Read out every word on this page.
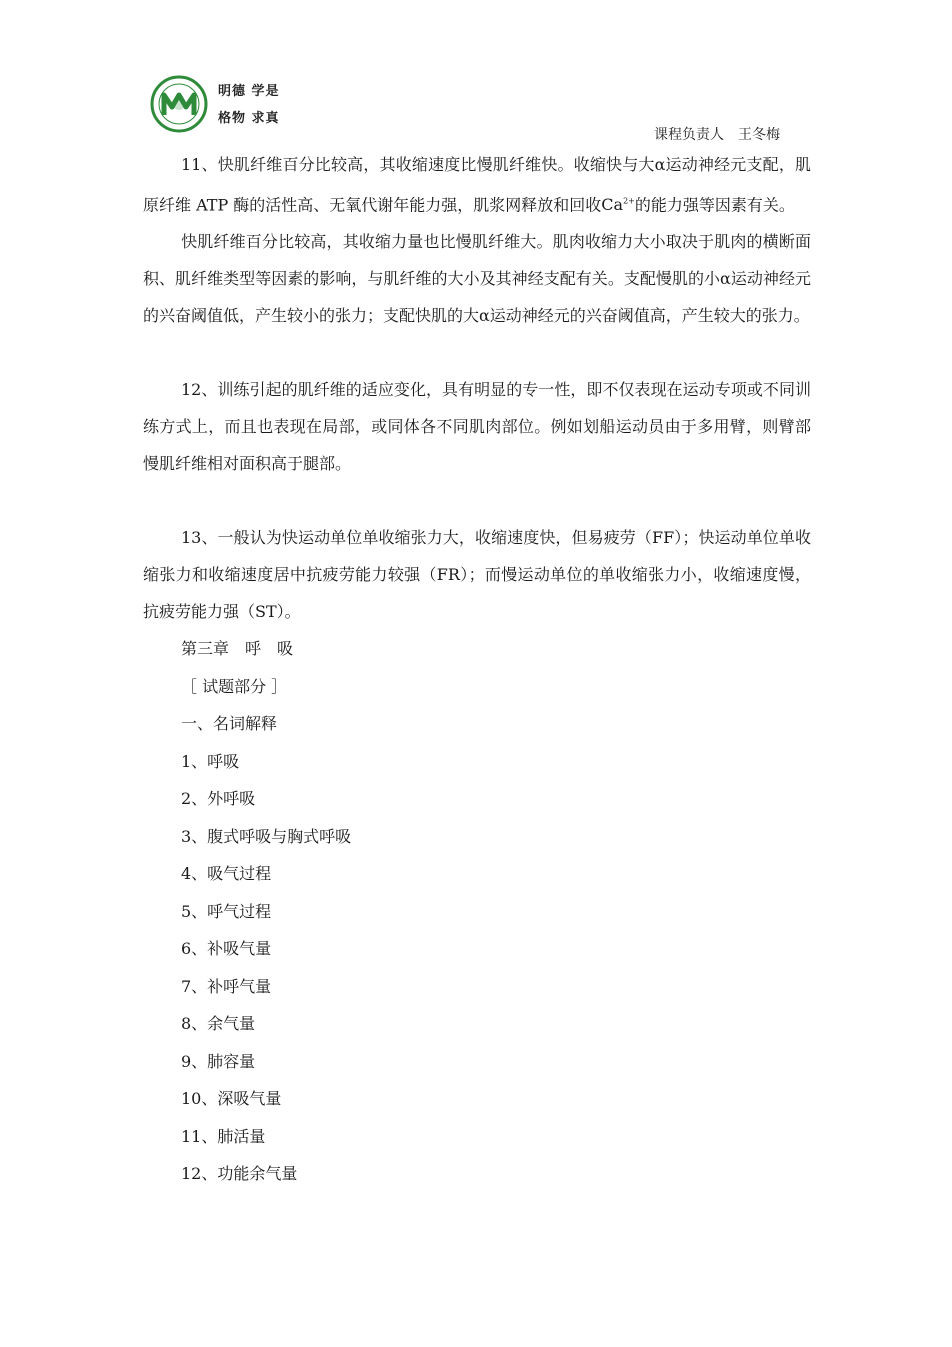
明德 学是
格物 求真
课程负责人　王冬梅

11、快肌纤维百分比较高，其收缩速度比慢肌纤维快。收缩快与大α运动神经元支配，肌原纤维 ATP 酶的活性高、无氧代谢年能力强，肌浆网释放和回收$Ca^{2+}$的能力强等因素有关。

快肌纤维百分比较高，其收缩力量也比慢肌纤维大。肌肉收缩力大小取决于肌肉的横断面积、肌纤维类型等因素的影响，与肌纤维的大小及其神经支配有关。支配慢肌的小α运动神经元的兴奋阈值低，产生较小的张力；支配快肌的大α运动神经元的兴奋阈值高，产生较大的张力。

12、训练引起的肌纤维的适应变化，具有明显的专一性，即不仅表现在运动专项或不同训练方式上，而且也表现在局部，或同体各不同肌肉部位。例如划船运动员由于多用臂，则臂部慢肌纤维相对面积高于腿部。

13、一般认为快运动单位单收缩张力大，收缩速度快，但易疲劳（FF）；快运动单位单收缩张力和收缩速度居中抗疲劳能力较强（FR）；而慢运动单位的单收缩张力小，收缩速度慢，抗疲劳能力强（ST）。

第三章　呼　吸

［ 试题部分 ］

一、名词解释

1、呼吸

2、外呼吸

3、腹式呼吸与胸式呼吸

4、吸气过程

5、呼气过程

6、补吸气量

7、补呼气量

8、余气量

9、肺容量

10、深吸气量

11、肺活量

12、功能余气量
